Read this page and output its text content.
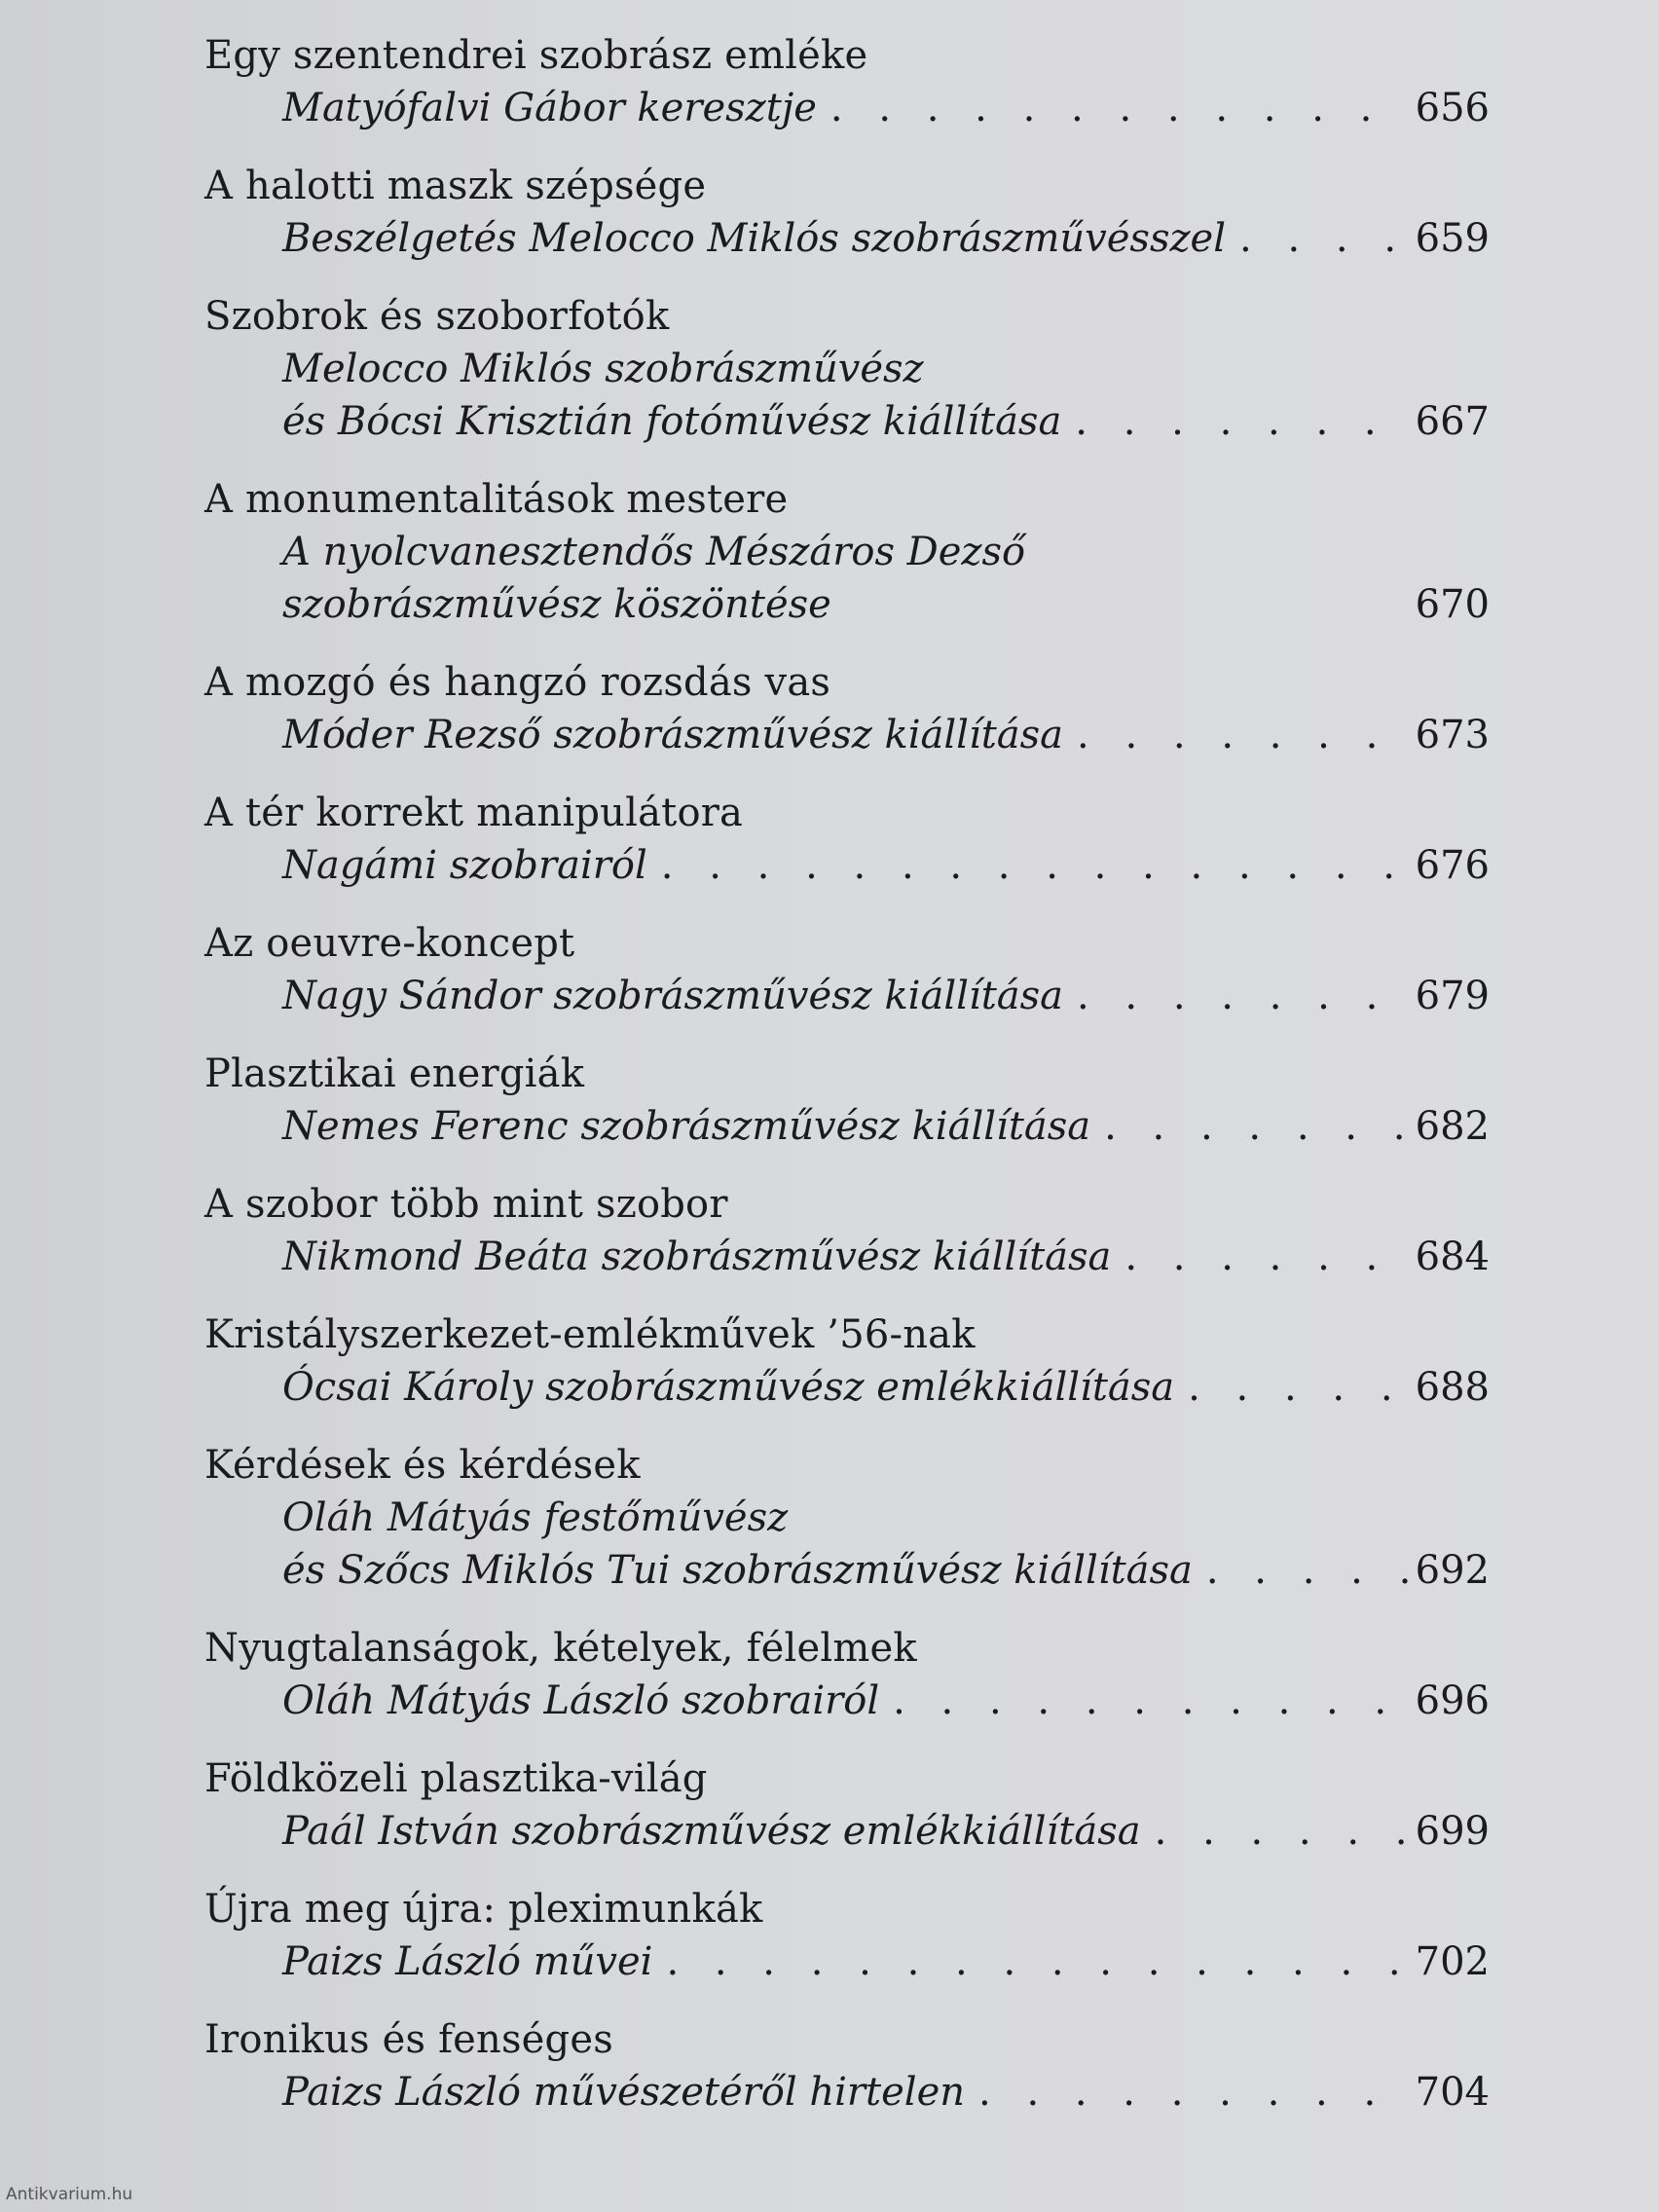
Egy szentendrei szobrász emléke
Matyófalvi Gábor keresztje . . .	656
A halotti maszk szépsége
Beszélgetés Melocco Miklós szobrászművésszel . . .	659
Szobrok és szoborfotók
Melocco Miklós szobrászművész
és Bócsi Krisztián fotóművész kiállítása . . .	667
A monumentalitások mestere
A nyolcvanesztendős Mészáros Dezső
szobrászművész köszöntése	670
A mozgó és hangzó rozsdás vas
Móder Rezső szobrászművész kiállítása . . .	673
A tér korrekt manipulátora
Nagámi szobrairól . . .	676
Az oeuvre-koncept
Nagy Sándor szobrászművész kiállítása . . .	679
Plasztikai energiák
Nemes Ferenc szobrászművész kiállítása . . .	682
A szobor több mint szobor
Nikmond Beáta szobrászművész kiállítása . . .	684
Kristályszerkezet-emlékművek ’56-nak
Ócsai Károly szobrászművész emlékkiállítása . . .	688
Kérdések és kérdések
Oláh Mátyás festőművész
és Szőcs Miklós Tui szobrászművész kiállítása . . .	692
Nyugtalanságok, kételyek, félelmek
Oláh Mátyás László szobrairól . . .	696
Földközeli plasztika-világ
Paál István szobrászművész emlékkiállítása . . .	699
Újra meg újra: pleximunkák
Paizs László művei . . .	702
Ironikus és fenséges
Paizs László művészetéről hirtelen . . .	704
Antikvarium.hu
